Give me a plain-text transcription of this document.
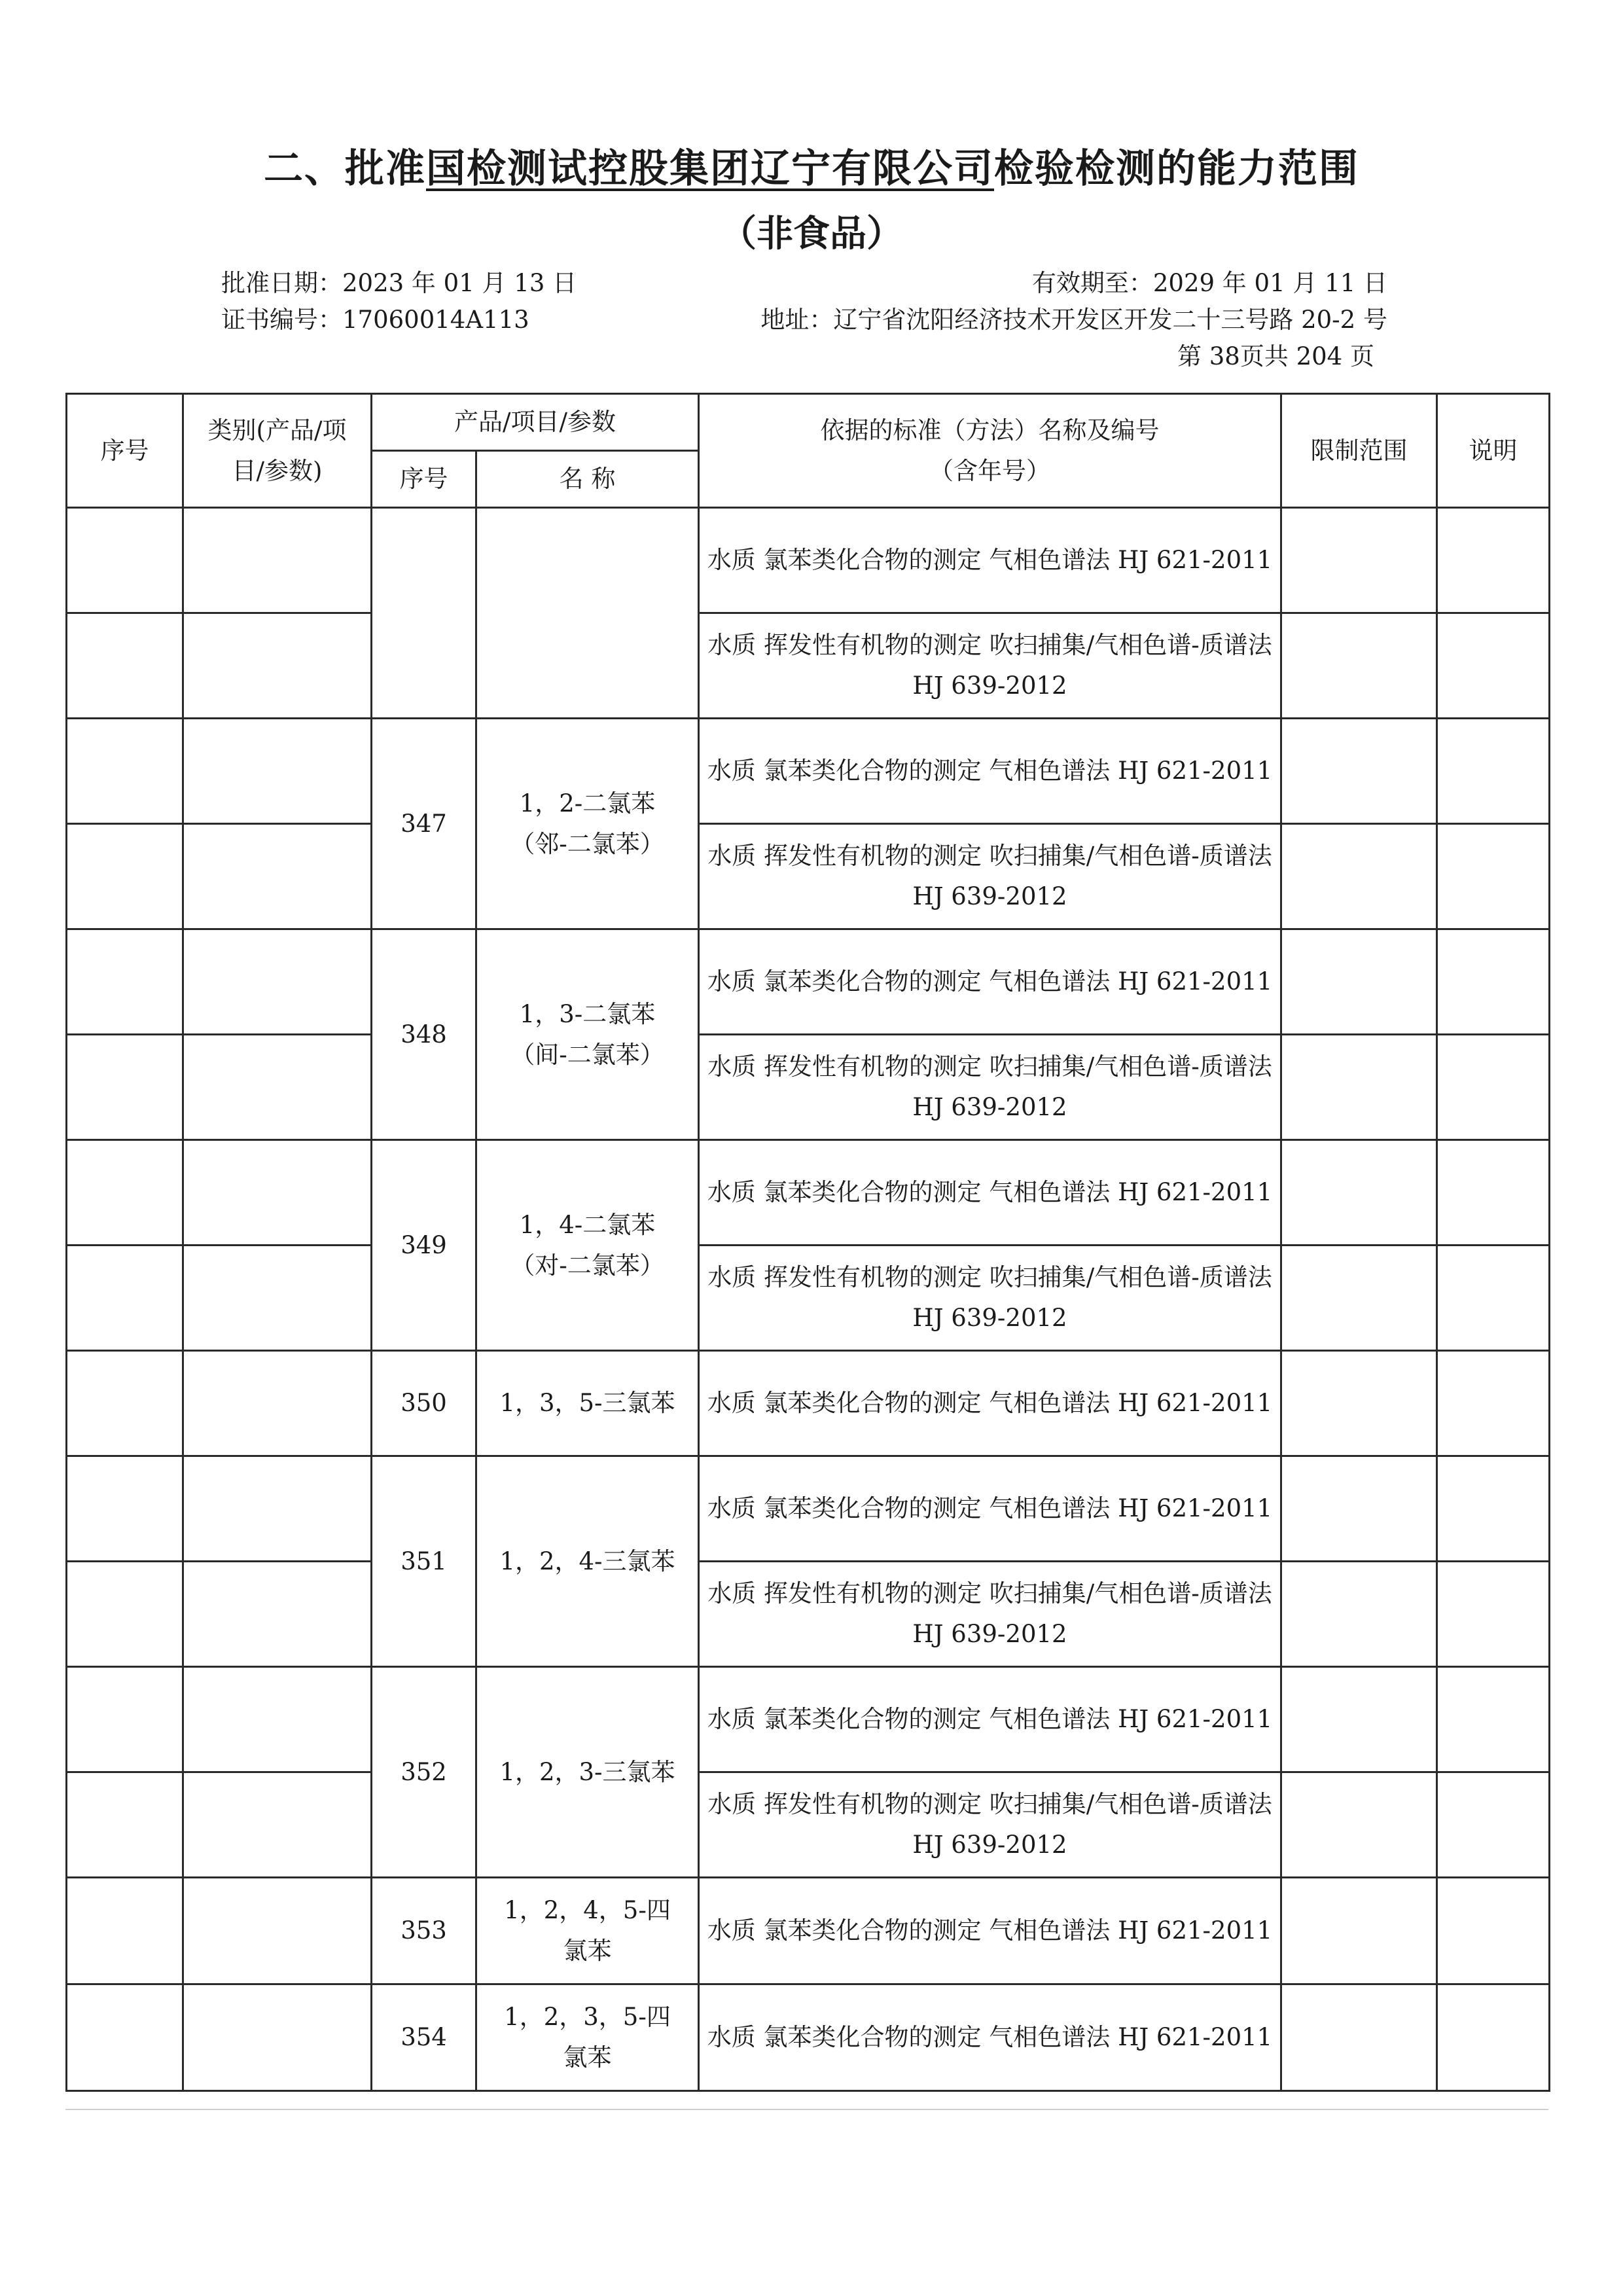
二、批准国检测试控股集团辽宁有限公司检验检测的能力范围
（非食品）
批准日期：2023 年 01 月 13 日	有效期至：2029 年 01 月 11 日
证书编号：17060014A113	地址：辽宁省沈阳经济技术开发区开发二十三号路 20-2 号
第 38页共 204 页
序号	类别(产品/项目/参数)	产品/项目/参数		依据的标准（方法）名称及编号（含年号）	限制范围	说明
		序号	名 称			
				水质 氯苯类化合物的测定 气相色谱法 HJ 621-2011		
				水质 挥发性有机物的测定 吹扫捕集/气相色谱-质谱法 HJ 639-2012		
		347	1，2-二氯苯（邻-二氯苯）	水质 氯苯类化合物的测定 气相色谱法 HJ 621-2011		
				水质 挥发性有机物的测定 吹扫捕集/气相色谱-质谱法 HJ 639-2012		
		348	1，3-二氯苯（间-二氯苯）	水质 氯苯类化合物的测定 气相色谱法 HJ 621-2011		
				水质 挥发性有机物的测定 吹扫捕集/气相色谱-质谱法 HJ 639-2012		
		349	1，4-二氯苯（对-二氯苯）	水质 氯苯类化合物的测定 气相色谱法 HJ 621-2011		
				水质 挥发性有机物的测定 吹扫捕集/气相色谱-质谱法 HJ 639-2012		
		350	1，3，5-三氯苯	水质 氯苯类化合物的测定 气相色谱法 HJ 621-2011		
		351	1，2，4-三氯苯	水质 氯苯类化合物的测定 气相色谱法 HJ 621-2011		
				水质 挥发性有机物的测定 吹扫捕集/气相色谱-质谱法 HJ 639-2012		
		352	1，2，3-三氯苯	水质 氯苯类化合物的测定 气相色谱法 HJ 621-2011		
				水质 挥发性有机物的测定 吹扫捕集/气相色谱-质谱法 HJ 639-2012		
		353	1，2，4，5-四氯苯	水质 氯苯类化合物的测定 气相色谱法 HJ 621-2011		
		354	1，2，3，5-四氯苯	水质 氯苯类化合物的测定 气相色谱法 HJ 621-2011		
